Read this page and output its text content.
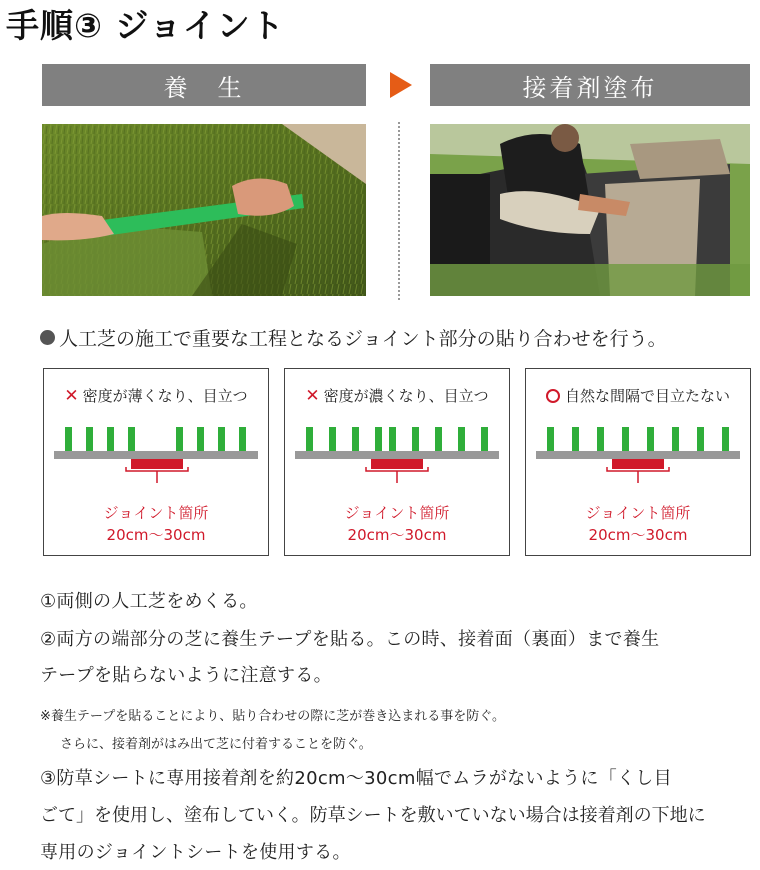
手順③ ジョイント
養　生	接着剤塗布
人工芝の施工で重要な工程となるジョイント部分の貼り合わせを行う。
✕ 密度が薄くなり、目立つ
ジョイント箇所
20cm〜30cm
✕ 密度が濃くなり、目立つ
ジョイント箇所
20cm〜30cm
自然な間隔で目立たない
ジョイント箇所
20cm〜30cm
①両側の人工芝をめくる。
②両方の端部分の芝に養生テープを貼る。この時、接着面（裏面）まで養生
テープを貼らないように注意する。
※養生テープを貼ることにより、貼り合わせの際に芝が巻き込まれる事を防ぐ。
さらに、接着剤がはみ出て芝に付着することを防ぐ。
③防草シートに専用接着剤を約20cm〜30cm幅でムラがないように「くし目
ごて」を使用し、塗布していく。防草シートを敷いていない場合は接着剤の下地に
専用のジョイントシートを使用する。
